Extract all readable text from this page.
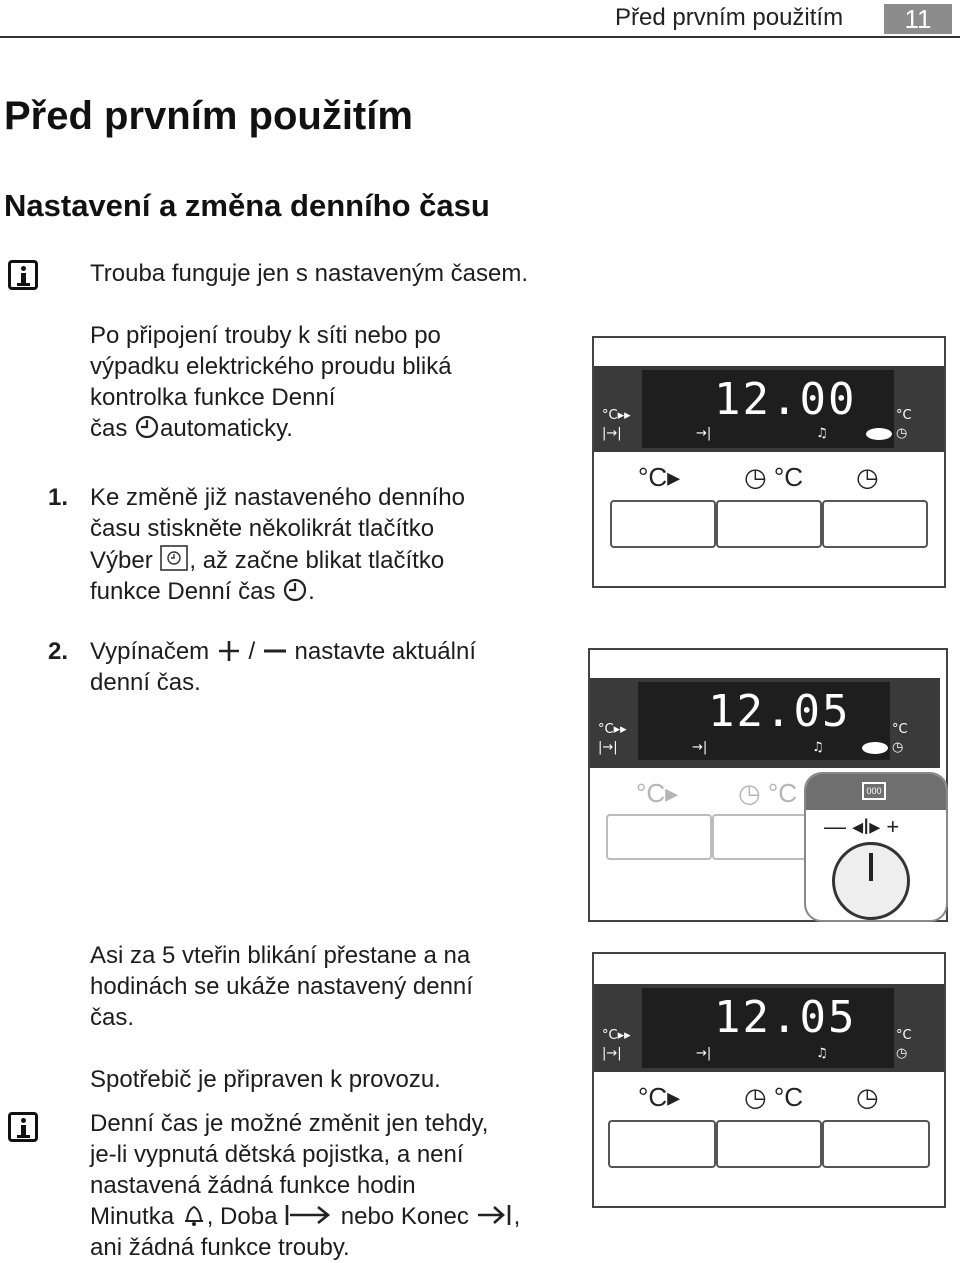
Před prvním použitím	11
Před prvním použitím
Nastavení a změna denního času
Trouba funguje jen s nastaveným časem.
Po připojení trouby k síti nebo po
výpadku elektrického proudu bliká
kontrolka funkce Denní
čas automaticky.
1. Ke změně již nastaveného denního
času stiskněte několikrát tlačítko
Výber , až začne blikat tlačítko
funkce Denní čas .
2. Vypínačem / nastavte aktuální
denní čas.
Asi za 5 vteřin blikání přestane a na
hodinách se ukáže nastavený denní
čas.
Spotřebič je připraven k provozu.
Denní čas je možné změnit jen tehdy,
je-li vypnutá dětská pojistka, a není
nastavená žádná funkce hodin
Minutka , Doba	nebo Konec ,
ani žádná funkce trouby.
12.00
°C▸▸
|→|	→|	♫
°C
◷
°C▸ ◷ °C ◷
12.05
°C▸▸
|→|	→|	♫
°C
◷
°C▸ ◷ °C	000
— ◂I▸ +
12.05
°C▸▸
|→|	→|	♫
°C
◷
°C▸ ◷ °C ◷
